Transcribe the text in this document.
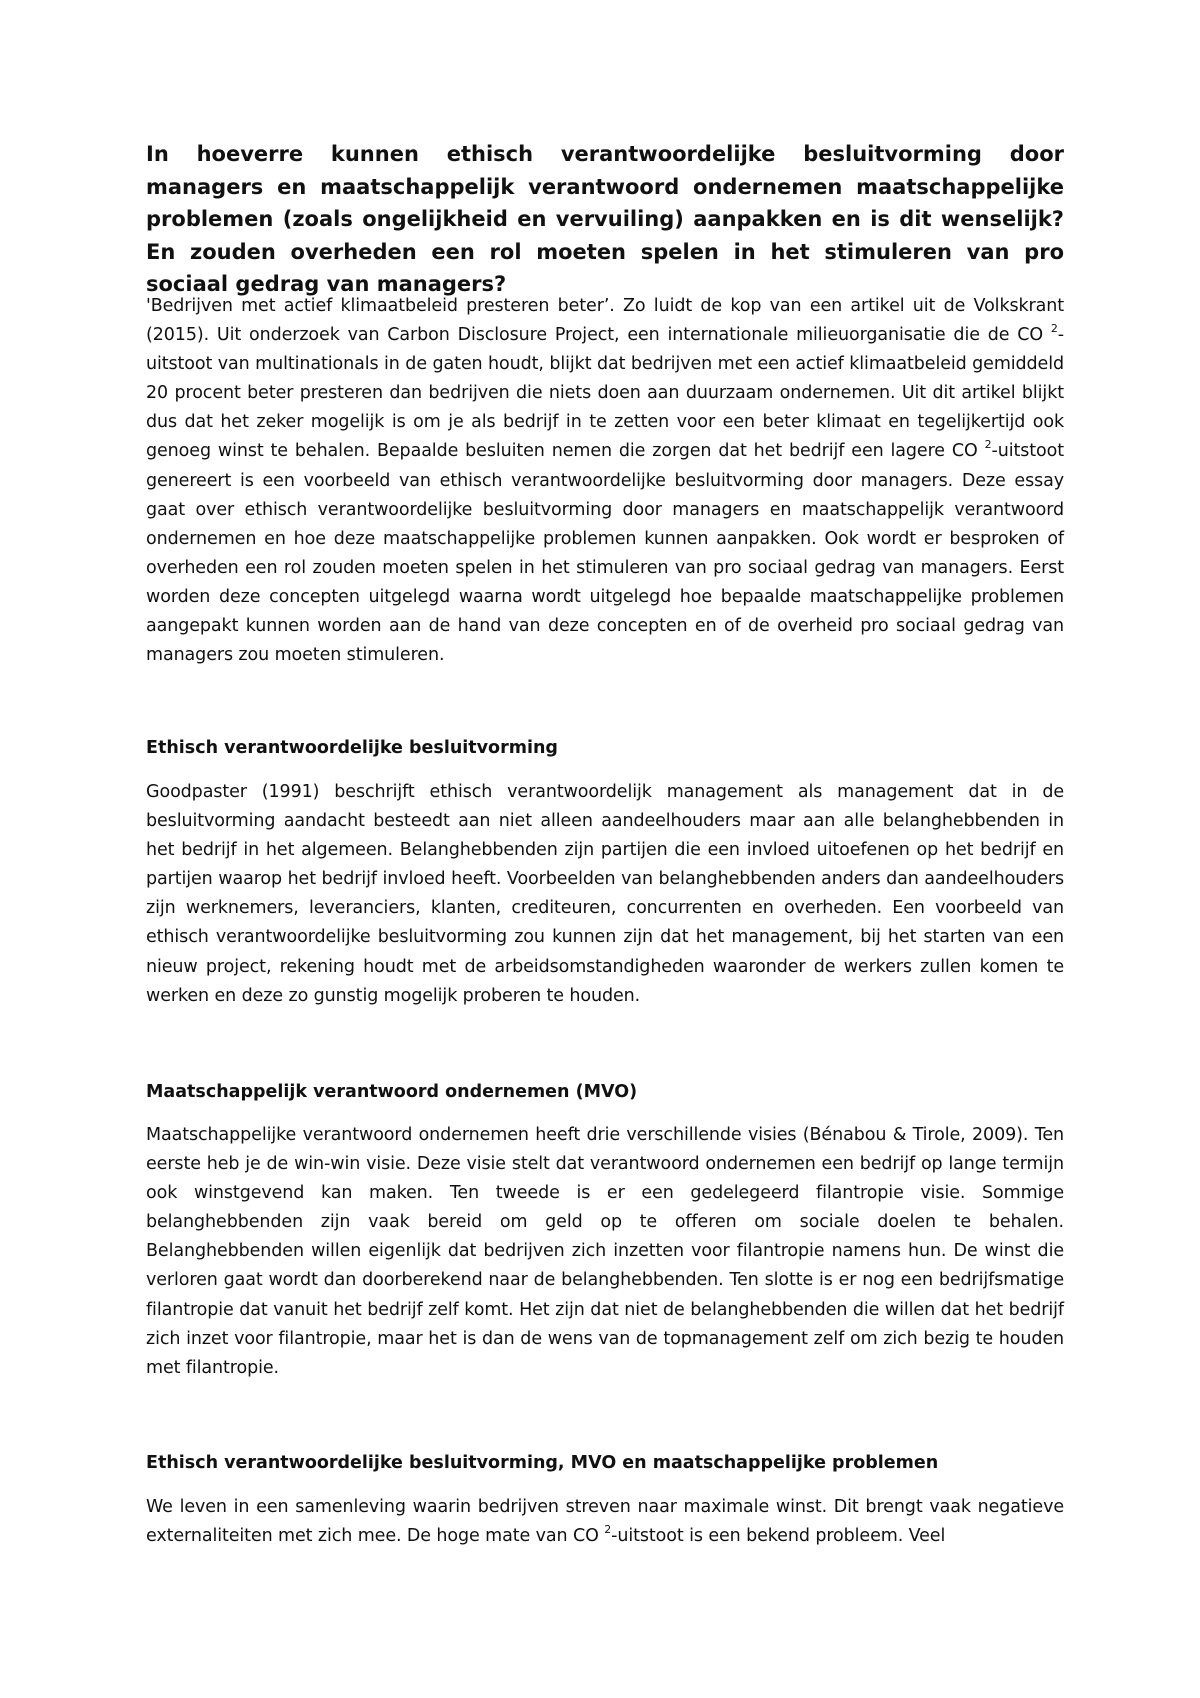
In hoeverre kunnen ethisch verantwoordelijke besluitvorming door managers en maatschappelijk verantwoord ondernemen maatschappelijke problemen (zoals ongelijkheid en vervuiling) aanpakken en is dit wenselijk? En zouden overheden een rol moeten spelen in het stimuleren van pro sociaal gedrag van managers?

'Bedrijven met actief klimaatbeleid presteren beter’. Zo luidt de kop van een artikel uit de Volkskrant (2015). Uit onderzoek van Carbon Disclosure Project, een internationale milieuorganisatie die de CO $^2$-uitstoot van multinationals in de gaten houdt, blijkt dat bedrijven met een actief klimaatbeleid gemiddeld 20 procent beter presteren dan bedrijven die niets doen aan duurzaam ondernemen. Uit dit artikel blijkt dus dat het zeker mogelijk is om je als bedrijf in te zetten voor een beter klimaat en tegelijkertijd ook genoeg winst te behalen. Bepaalde besluiten nemen die zorgen dat het bedrijf een lagere CO $^2$-uitstoot genereert is een voorbeeld van ethisch verantwoordelijke besluitvorming door managers. Deze essay gaat over ethisch verantwoordelijke besluitvorming door managers en maatschappelijk verantwoord ondernemen en hoe deze maatschappelijke problemen kunnen aanpakken. Ook wordt er besproken of overheden een rol zouden moeten spelen in het stimuleren van pro sociaal gedrag van managers. Eerst worden deze concepten uitgelegd waarna wordt uitgelegd hoe bepaalde maatschappelijke problemen aangepakt kunnen worden aan de hand van deze concepten en of de overheid pro sociaal gedrag van managers zou moeten stimuleren.

Ethisch verantwoordelijke besluitvorming

Goodpaster (1991) beschrijft ethisch verantwoordelijk management als management dat in de besluitvorming aandacht besteedt aan niet alleen aandeelhouders maar aan alle belanghebbenden in het bedrijf in het algemeen. Belanghebbenden zijn partijen die een invloed uitoefenen op het bedrijf en partijen waarop het bedrijf invloed heeft. Voorbeelden van belanghebbenden anders dan aandeelhouders zijn werknemers, leveranciers, klanten, crediteuren, concurrenten en overheden. Een voorbeeld van ethisch verantwoordelijke besluitvorming zou kunnen zijn dat het management, bij het starten van een nieuw project, rekening houdt met de arbeidsomstandigheden waaronder de werkers zullen komen te werken en deze zo gunstig mogelijk proberen te houden.

Maatschappelijk verantwoord ondernemen (MVO)

Maatschappelijke verantwoord ondernemen heeft drie verschillende visies (Bénabou & Tirole, 2009). Ten eerste heb je de win-win visie. Deze visie stelt dat verantwoord ondernemen een bedrijf op lange termijn ook winstgevend kan maken. Ten tweede is er een gedelegeerd filantropie visie. Sommige belanghebbenden zijn vaak bereid om geld op te offeren om sociale doelen te behalen. Belanghebbenden willen eigenlijk dat bedrijven zich inzetten voor filantropie namens hun. De winst die verloren gaat wordt dan doorberekend naar de belanghebbenden. Ten slotte is er nog een bedrijfsmatige filantropie dat vanuit het bedrijf zelf komt. Het zijn dat niet de belanghebbenden die willen dat het bedrijf zich inzet voor filantropie, maar het is dan de wens van de topmanagement zelf om zich bezig te houden met filantropie.

Ethisch verantwoordelijke besluitvorming, MVO en maatschappelijke problemen

We leven in een samenleving waarin bedrijven streven naar maximale winst. Dit brengt vaak negatieve externaliteiten met zich mee. De hoge mate van CO $^2$-uitstoot is een bekend probleem. Veel
